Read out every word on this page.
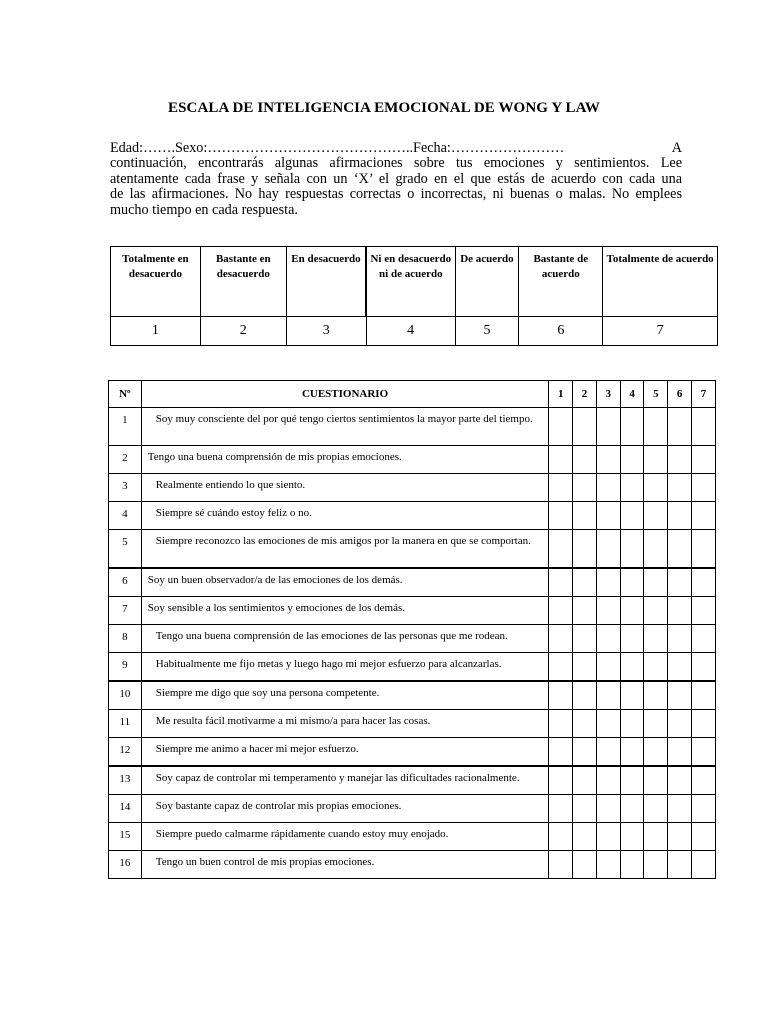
ESCALA DE INTELIGENCIA EMOCIONAL DE WONG Y LAW
Edad:…….Sexo:……………………………………..Fecha:……………………	A
continuación, encontrarás algunas afirmaciones sobre tus emociones y sentimientos. Lee
atentamente cada frase y señala con un ‘X’ el grado en el que estás de acuerdo con cada una
de las afirmaciones. No hay respuestas correctas o incorrectas, ni buenas o malas. No emplees
mucho tiempo en cada respuesta.
Totalmente en desacuerdo	Bastante en desacuerdo	En desacuerdo	Ni en desacuerdo ni de acuerdo	De acuerdo	Bastante de acuerdo	Totalmente de acuerdo
1	2	3	4	5	6	7
Nº	CUESTIONARIO	1	2	3	4	5	6	7
1	Soy muy consciente del por qué tengo ciertos sentimientos la mayor parte del tiempo.							

2	Tengo una buena comprensión de mis propias emociones.							
3	Realmente entiendo lo que siento.							

4	Siempre sé cuándo estoy feliz o no.							

5	Siempre reconozco las emociones de mis amigos por la manera en que se comportan.							

6	Soy un buen observador/a de las emociones de los demás.							
7	Soy sensible a los sentimientos y emociones de los demás.							
8	Tengo una buena comprensión de las emociones de las personas que me rodean.							

9	Habitualmente me fijo metas y luego hago mi mejor esfuerzo para alcanzarlas.							

10	Siempre me digo que soy una persona competente.							

11	Me resulta fácil motivarme a mi mismo/a para hacer las cosas.							

12	Siempre me animo a hacer mi mejor esfuerzo.							

13	Soy capaz de controlar mi temperamento y manejar las dificultades racionalmente.							

14	Soy bastante capaz de controlar mis propias emociones.							

15	Siempre puedo calmarme rápidamente cuando estoy muy enojado.							

16	Tengo un buen control de mis propias emociones.							
